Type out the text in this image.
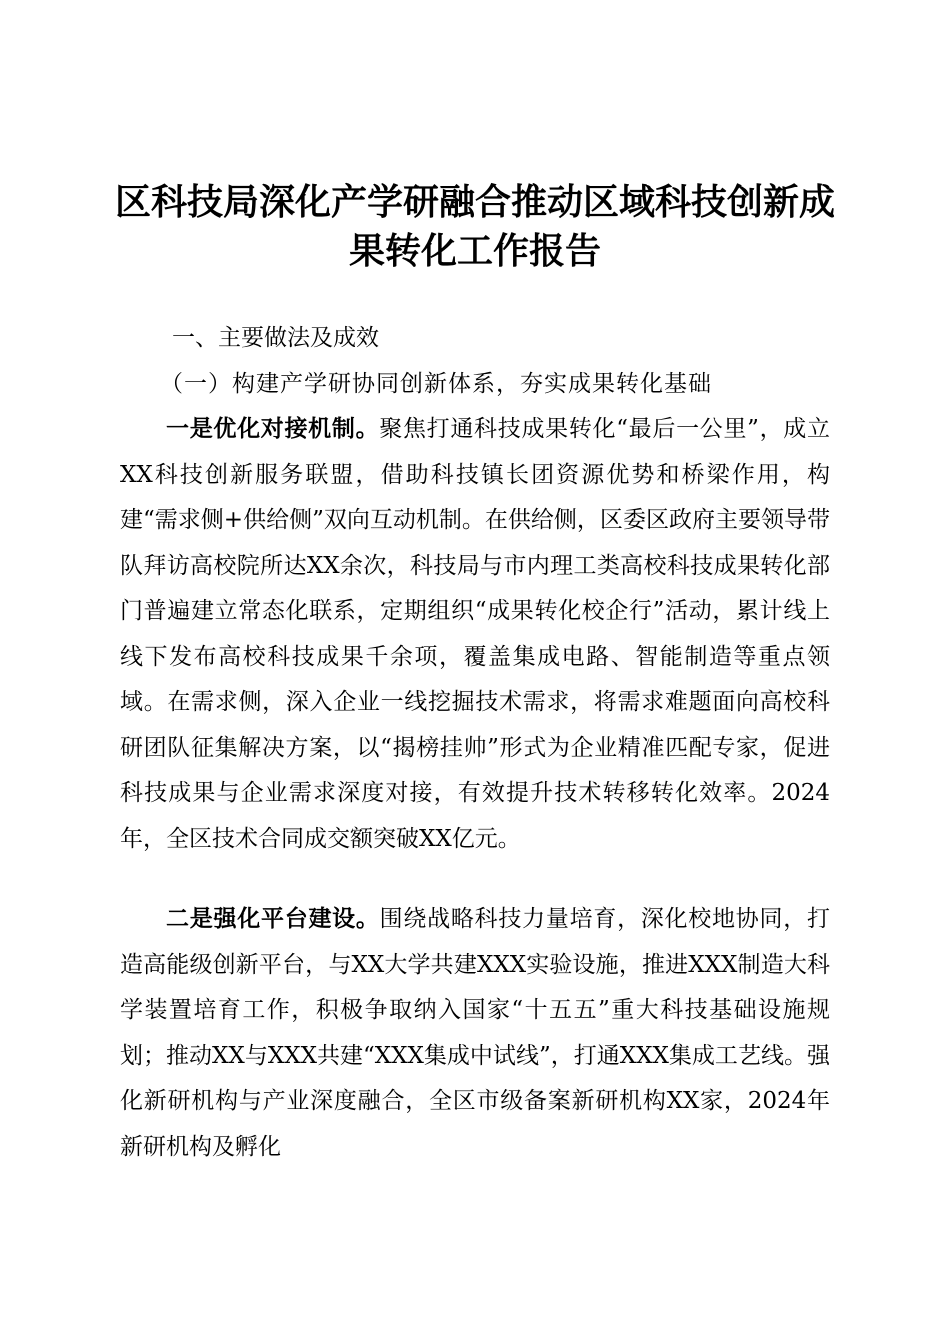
区科技局深化产学研融合推动区域科技创新成果转化工作报告
一、主要做法及成效
（一）构建产学研协同创新体系，夯实成果转化基础
一是优化对接机制。聚焦打通科技成果转化“最后一公里”，成立XX科技创新服务联盟，借助科技镇长团资源优势和桥梁作用，构建“需求侧+供给侧”双向互动机制。在供给侧，区委区政府主要领导带队拜访高校院所达XX余次，科技局与市内理工类高校科技成果转化部门普遍建立常态化联系，定期组织“成果转化校企行”活动，累计线上线下发布高校科技成果千余项，覆盖集成电路、智能制造等重点领域。在需求侧，深入企业一线挖掘技术需求，将需求难题面向高校科研团队征集解决方案，以“揭榜挂帅”形式为企业精准匹配专家，促进科技成果与企业需求深度对接，有效提升技术转移转化效率。2024年，全区技术合同成交额突破XX亿元。
二是强化平台建设。围绕战略科技力量培育，深化校地协同，打造高能级创新平台，与XX大学共建XXX实验设施，推进XXX制造大科学装置培育工作，积极争取纳入国家“十五五”重大科技基础设施规划；推动XX与XXX共建“XXX集成中试线”，打通XXX集成工艺线。强化新研机构与产业深度融合，全区市级备案新研机构XX家，2024年新研机构及孵化
